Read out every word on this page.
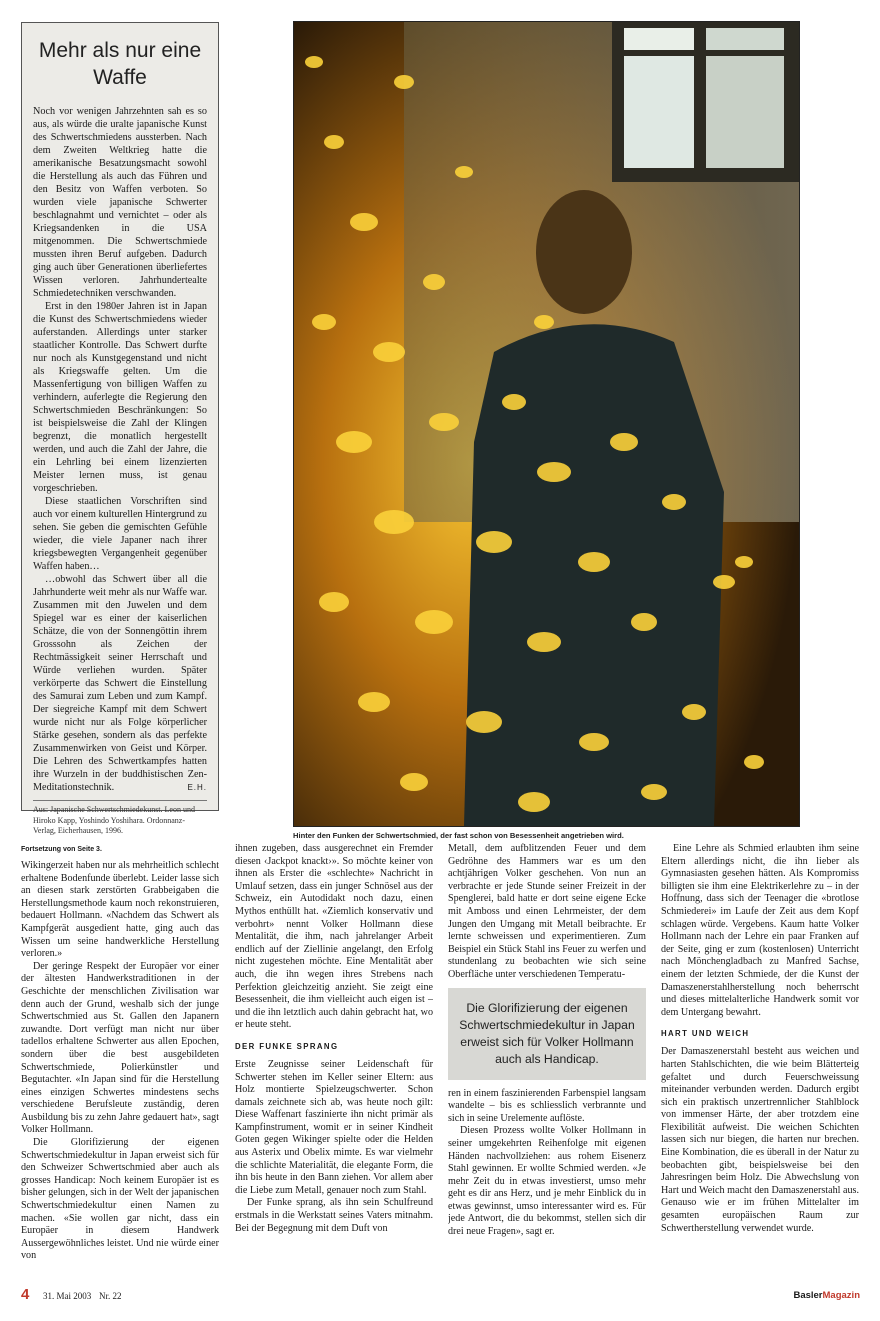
Mehr als nur eine Waffe

Noch vor wenigen Jahrzehnten sah es so aus, als würde die uralte japanische Kunst des Schwertschmiedens aussterben. Nach dem Zweiten Weltkrieg hatte die amerikanische Besatzungsmacht sowohl die Herstellung als auch das Führen und den Besitz von Waffen verboten. So wurden viele japanische Schwerter beschlagnahmt und vernichtet – oder als Kriegsandenken in die USA mitgenommen. Die Schwertschmiede mussten ihren Beruf aufgeben. Dadurch ging auch über Generationen überliefertes Wissen verloren. Jahrhundertealte Schmiedetechniken verschwanden.

Erst in den 1980er Jahren ist in Japan die Kunst des Schwertschmiedens wieder auferstanden. Allerdings unter starker staatlicher Kontrolle. Das Schwert durfte nur noch als Kunstgegenstand und nicht als Kriegswaffe gelten. Um die Massenfertigung von billigen Waffen zu verhindern, auferlegte die Regierung den Schwertschmieden Beschränkungen: So ist beispielsweise die Zahl der Klingen begrenzt, die monatlich hergestellt werden, und auch die Zahl der Jahre, die ein Lehrling bei einem lizenzierten Meister lernen muss, ist genau vorgeschrieben.

Diese staatlichen Vorschriften sind auch vor einem kulturellen Hintergrund zu sehen. Sie geben die gemischten Gefühle wieder, die viele Japaner nach ihrer kriegsbewegten Vergangenheit gegenüber Waffen haben…

…obwohl das Schwert über all die Jahrhunderte weit mehr als nur Waffe war. Zusammen mit den Juwelen und dem Spiegel war es einer der kaiserlichen Schätze, die von der Sonnengöttin ihrem Grosssohn als Zeichen der Rechtmässigkeit seiner Herrschaft und Würde verliehen wurden. Später verkörperte das Schwert die Einstellung des Samurai zum Leben und zum Kampf. Der siegreiche Kampf mit dem Schwert wurde nicht nur als Folge körperlicher Stärke gesehen, sondern als das perfekte Zusammenwirken von Geist und Körper. Die Lehren des Schwertkampfes hatten ihre Wurzeln in der buddhistischen Zen-Meditationstechnik.	E.H.

Aus: Japanische Schwertschmiedekunst. Leon und Hiroko Kapp, Yoshindo Yoshihara. Ordonnanz-Verlag, Eicherhausen, 1996.

Hinter den Funken der Schwertschmied, der fast schon von Besessenheit angetrieben wird.
Fortsetzung von Seite 3.

Wikingerzeit haben nur als mehrheitlich schlecht erhaltene Bodenfunde überlebt. Leider lasse sich an diesen stark zerstörten Grabbeigaben die Herstellungsmethode kaum noch rekonstruieren, bedauert Hollmann. «Nachdem das Schwert als Kampfgerät ausgedient hatte, ging auch das Wissen um seine handwerkliche Herstellung verloren.»

Der geringe Respekt der Europäer vor einer der ältesten Handwerkstraditionen in der Geschichte der menschlichen Zivilisation war denn auch der Grund, weshalb sich der junge Schwertschmied aus St. Gallen den Japanern zuwandte. Dort verfügt man nicht nur über tadellos erhaltene Schwerter aus allen Epochen, sondern über die best ausgebildeten Schwertschmiede, Polierkünstler und Begutachter. «In Japan sind für die Herstellung eines einzigen Schwertes mindestens sechs verschiedene Berufsleute zuständig, deren Ausbildung bis zu zehn Jahre gedauert hat», sagt Volker Hollmann.

Die Glorifizierung der eigenen Schwertschmiedekultur in Japan erweist sich für den Schweizer Schwertschmied aber auch als grosses Handicap: Noch keinem Europäer ist es bisher gelungen, sich in der Welt der japanischen Schwertschmiedekultur einen Namen zu machen. «Sie wollen gar nicht, dass ein Europäer in diesem Handwerk Aussergewöhnliches leistet. Und nie würde einer von

ihnen zugeben, dass ausgerechnet ein Fremder diesen ‹Jackpot knackt›». So möchte keiner von ihnen als Erster die «schlechte» Nachricht in Umlauf setzen, dass ein junger Schnösel aus der Schweiz, ein Autodidakt noch dazu, einen Mythos enthüllt hat. «Ziemlich konservativ und verbohrt» nennt Volker Hollmann diese Mentalität, die ihm, nach jahrelanger Arbeit endlich auf der Ziellinie angelangt, den Erfolg nicht zugestehen möchte. Eine Mentalität aber auch, die ihn wegen ihres Strebens nach Perfektion gleichzeitig anzieht. Sie zeigt eine Besessenheit, die ihm vielleicht auch eigen ist – und die ihn letztlich auch dahin gebracht hat, wo er heute steht.

DER FUNKE SPRANG

Erste Zeugnisse seiner Leidenschaft für Schwerter stehen im Keller seiner Eltern: aus Holz montierte Spielzeugschwerter. Schon damals zeichnete sich ab, was heute noch gilt: Diese Waffenart faszinierte ihn nicht primär als Kampfinstrument, womit er in seiner Kindheit Goten gegen Wikinger spielte oder die Helden aus Asterix und Obelix mimte. Es war vielmehr die schlichte Materialität, die elegante Form, die ihn bis heute in den Bann ziehen. Vor allem aber die Liebe zum Metall, genauer noch zum Stahl.

Der Funke sprang, als ihn sein Schulfreund erstmals in die Werkstatt seines Vaters mitnahm. Bei der Begegnung mit dem Duft von

Metall, dem aufblitzenden Feuer und dem Gedröhne des Hammers war es um den achtjährigen Volker geschehen. Von nun an verbrachte er jede Stunde seiner Freizeit in der Spenglerei, bald hatte er dort seine eigene Ecke mit Amboss und einen Lehrmeister, der dem Jungen den Umgang mit Metall beibrachte. Er lernte schweissen und experimentieren. Zum Beispiel ein Stück Stahl ins Feuer zu werfen und stundenlang zu beobachten wie sich seine Oberfläche unter verschiedenen Temperatu-

Die Glorifizierung der eigenen Schwertschmiedekultur in Japan erweist sich für Volker Hollmann auch als Handicap.

ren in einem faszinierenden Farbenspiel langsam wandelte – bis es schliesslich verbrannte und sich in seine Urelemente auflöste.

Diesen Prozess wollte Volker Hollmann in seiner umgekehrten Reihenfolge mit eigenen Händen nachvollziehen: aus rohem Eisenerz Stahl gewinnen. Er wollte Schmied werden. «Je mehr Zeit du in etwas investierst, umso mehr geht es dir ans Herz, und je mehr Einblick du in etwas gewinnst, umso interessanter wird es. Für jede Antwort, die du bekommst, stellen sich dir drei neue Fragen», sagt er.

Eine Lehre als Schmied erlaubten ihm seine Eltern allerdings nicht, die ihn lieber als Gymnasiasten gesehen hätten. Als Kompromiss billigten sie ihm eine Elektrikerlehre zu – in der Hoffnung, dass sich der Teenager die «brotlose Schmiederei» im Laufe der Zeit aus dem Kopf schlagen würde. Vergebens. Kaum hatte Volker Hollmann nach der Lehre ein paar Franken auf der Seite, ging er zum (kostenlosen) Unterricht nach Mönchengladbach zu Manfred Sachse, einem der letzten Schmiede, der die Kunst der Damaszenerstahlherstellung noch beherrscht und dieses mittelalterliche Handwerk somit vor dem Untergang bewahrt.

HART UND WEICH

Der Damaszenerstahl besteht aus weichen und harten Stahlschichten, die wie beim Blätterteig gefaltet und durch Feuerschweissung miteinander verbunden werden. Dadurch ergibt sich ein praktisch unzertrennlicher Stahlblock von immenser Härte, der aber trotzdem eine Flexibilität aufweist. Die weichen Schichten lassen sich nur biegen, die harten nur brechen. Eine Kombination, die es überall in der Natur zu beobachten gibt, beispielsweise bei den Jahresringen beim Holz. Die Abwechslung von Hart und Weich macht den Damaszenerstahl aus. Genauso wie er im frühen Mittelalter im gesamten europäischen Raum zur Schwertherstellung verwendet wurde.

4 31. Mai 2003 Nr. 22	BaslerMagazin
